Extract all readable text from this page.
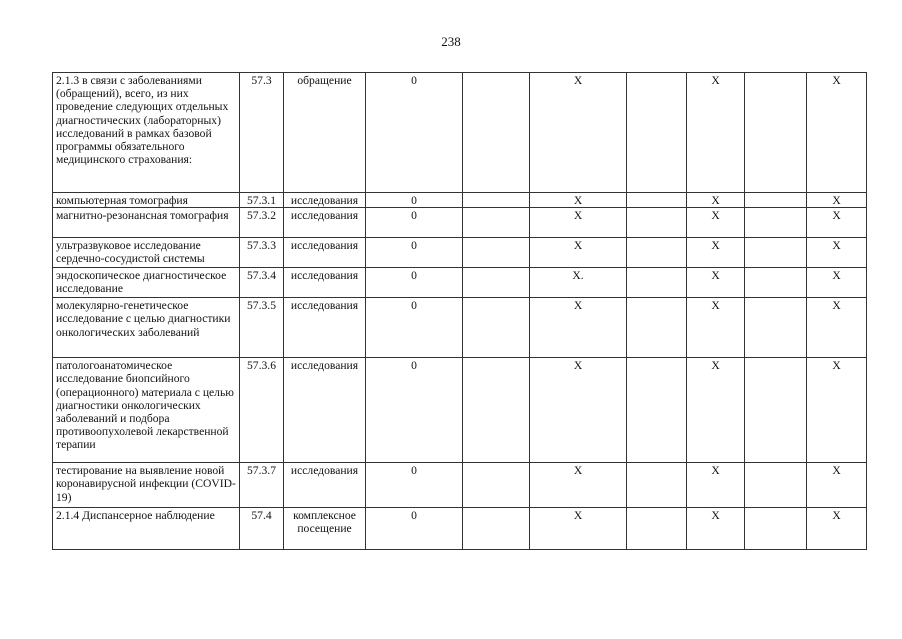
238
2.1.3 в связи с заболеваниями (обращений), всего, из них проведение следующих отдельных диагностических (лабораторных) исследований в рамках базовой программы обязательного медицинского страхования:	57.3	обращение	0		X		X		X
компьютерная томография	57.3.1	исследования	0		X		X		X
магнитно-резонансная томография	57.3.2	исследования	0		X		X		X
ультразвуковое исследование сердечно-сосудистой системы	57.3.3	исследования	0		X		X		X
эндоскопическое диагностическое исследование	57.3.4	исследования	0		X.		X		X
молекулярно-генетическое исследование с целью диагностики онкологических заболеваний	57.3.5	исследования	0		X		X		X
патологоанатомическое исследование биопсийного (операционного) материала с целью диагностики онкологических заболеваний и подбора противоопухолевой лекарственной терапии	57.3.6	исследования	0		X		X		X
тестирование на выявление новой коронавирусной инфекции (COVID-19)	57.3.7	исследования	0		X		X		X
2.1.4 Диспансерное наблюдение	57.4	комплексное посещение	0		X		X		X
